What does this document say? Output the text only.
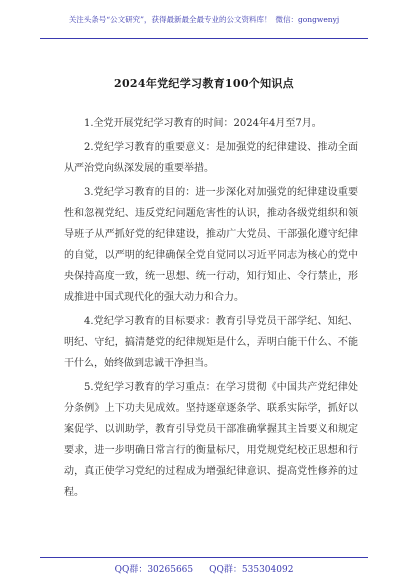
关注头条号“公文研究”，获得最新最全最专业的公文资料库！ 微信：gongwenyj
2024年党纪学习教育100个知识点

1.全党开展党纪学习教育的时间：2024年4月至7月。

2.党纪学习教育的重要意义：是加强党的纪律建设、推动全面从严治党向纵深发展的重要举措。

3.党纪学习教育的目的：进一步深化对加强党的纪律建设重要性和忽视党纪、违反党纪问题危害性的认识，推动各级党组织和领导班子从严抓好党的纪律建设，推动广大党员、干部强化遵守纪律的自觉，以严明的纪律确保全党自觉同以习近平同志为核心的党中央保持高度一致，统一思想、统一行动，知行知止、令行禁止，形成推进中国式现代化的强大动力和合力。

4.党纪学习教育的目标要求：教育引导党员干部学纪、知纪、明纪、守纪，搞清楚党的纪律规矩是什么，弄明白能干什么、不能干什么，始终做到忠诚干净担当。

5.党纪学习教育的学习重点：在学习贯彻《中国共产党纪律处分条例》上下功夫见成效。坚持逐章逐条学、联系实际学，抓好以案促学、以训助学，教育引导党员干部准确掌握其主旨要义和规定要求，进一步明确日常言行的衡量标尺，用党规党纪校正思想和行动，真正使学习党纪的过程成为增强纪律意识、提高党性修养的过程。

QQ群：30265665 QQ群：535304092
